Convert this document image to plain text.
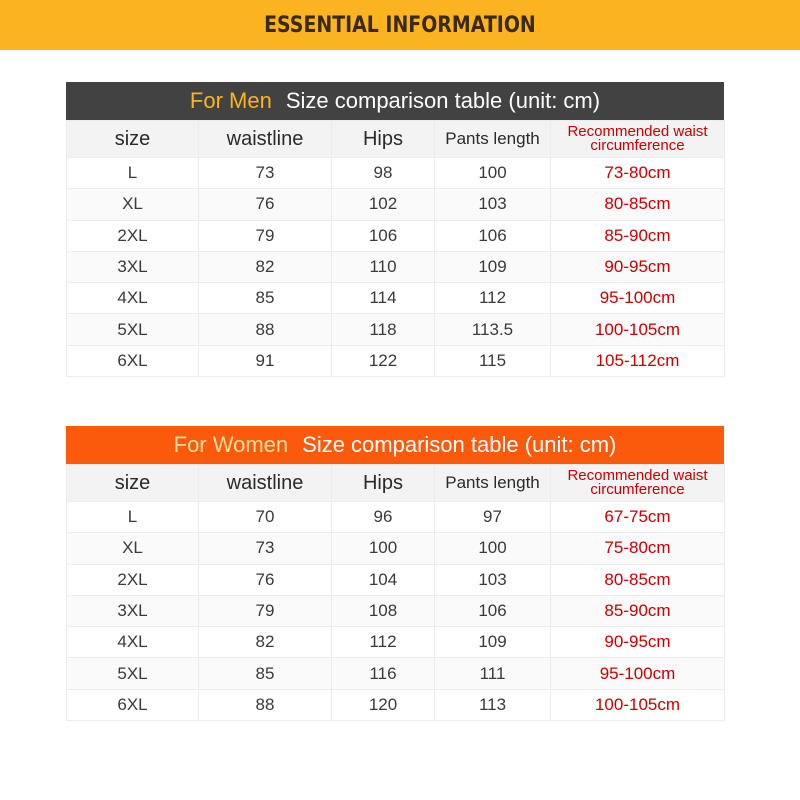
ESSENTIAL INFORMATION
For Men Size comparison table (unit: cm)
size	waistline	Hips	Pants length	Recommended waist
circumference

L	73	98	100	73-80cm
XL	76	102	103	80-85cm
2XL	79	106	106	85-90cm
3XL	82	110	109	90-95cm
4XL	85	114	112	95-100cm
5XL	88	118	113.5	100-105cm
6XL	91	122	115	105-112cm
For Women Size comparison table (unit: cm)
size	waistline	Hips	Pants length	Recommended waist
circumference

L	70	96	97	67-75cm
XL	73	100	100	75-80cm
2XL	76	104	103	80-85cm
3XL	79	108	106	85-90cm
4XL	82	112	109	90-95cm
5XL	85	116	111	95-100cm
6XL	88	120	113	100-105cm
